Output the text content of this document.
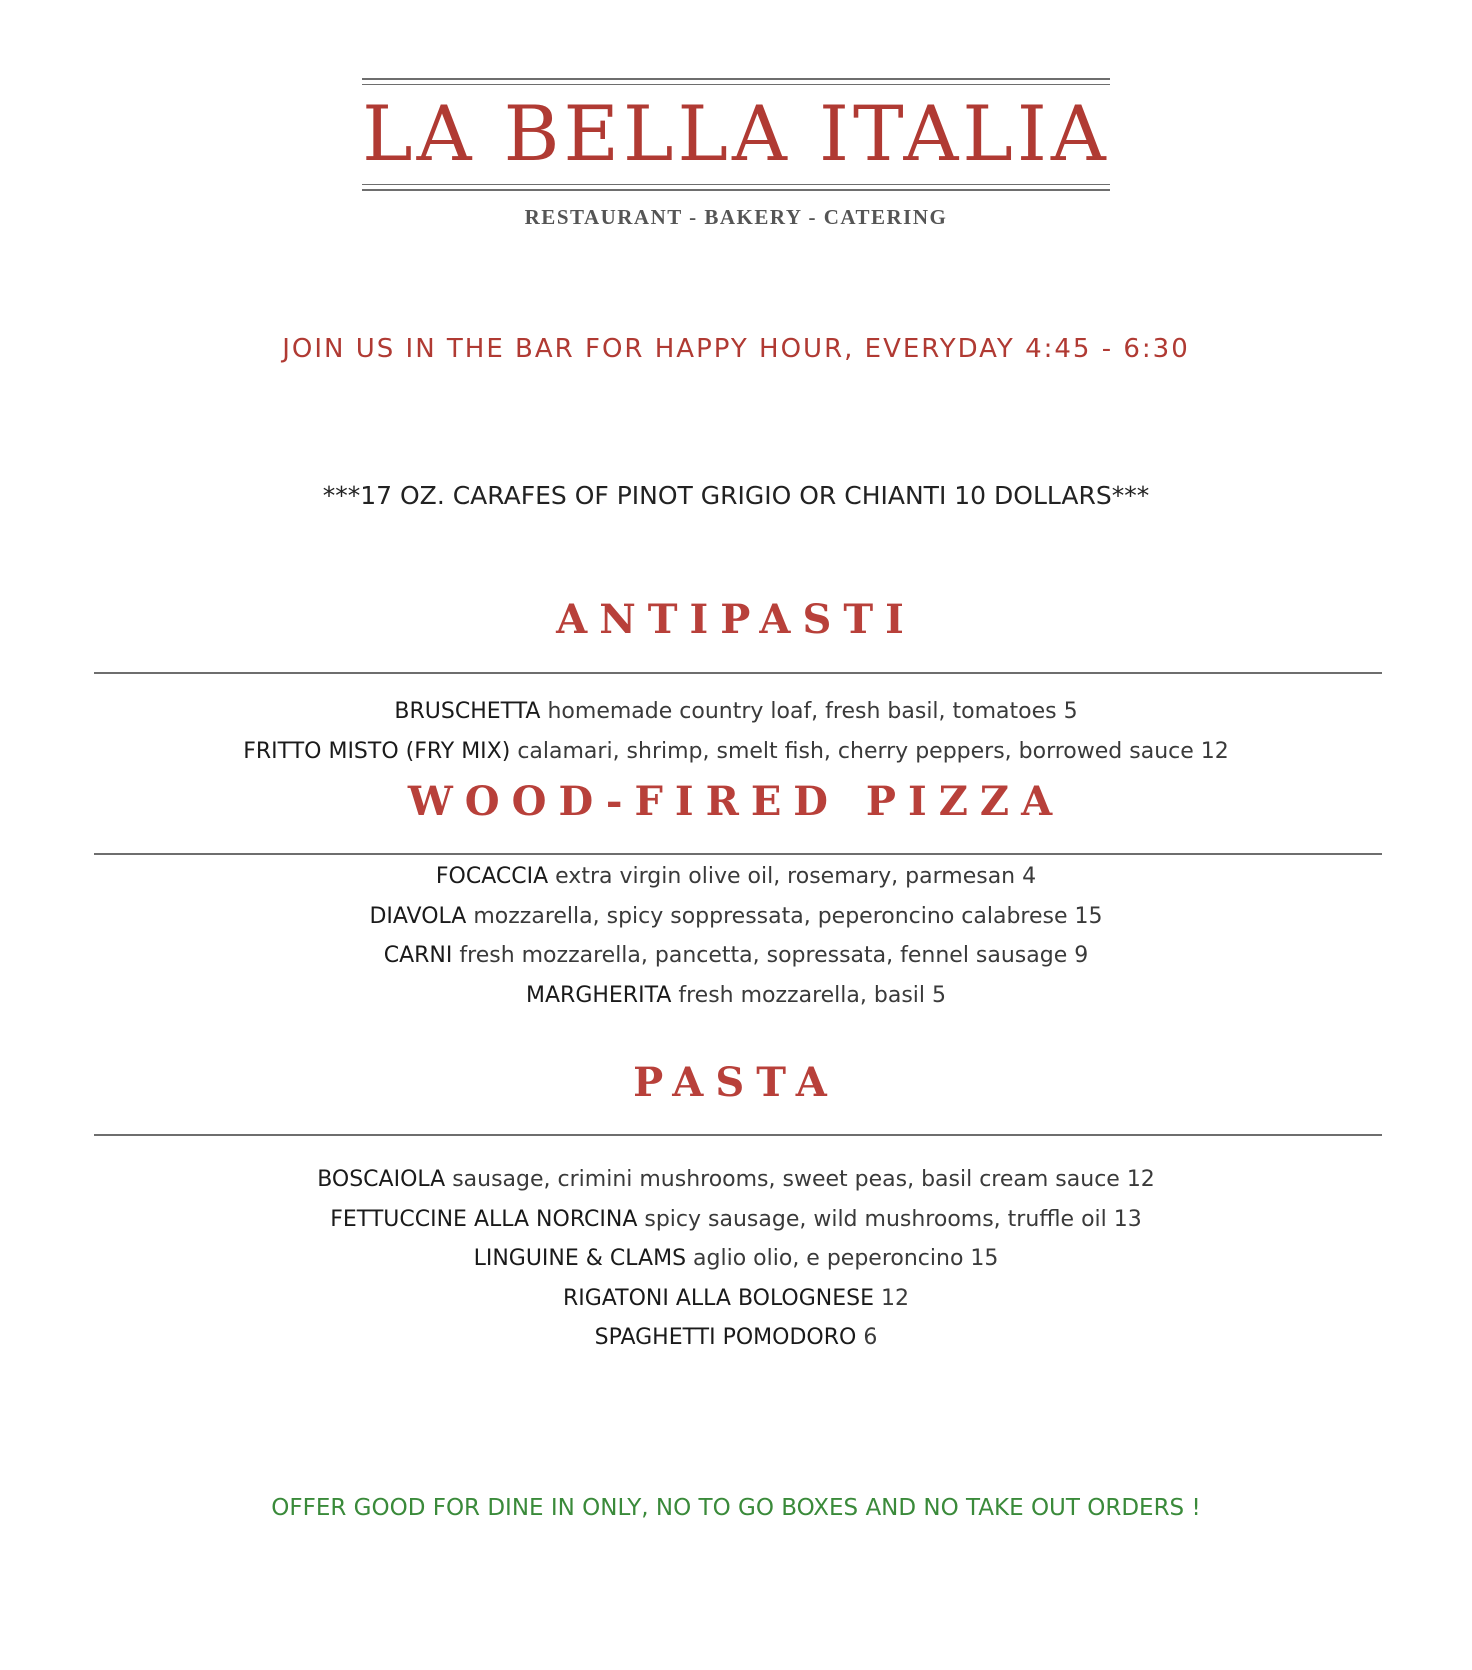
LA BELLA ITALIA
RESTAURANT - BAKERY - CATERING
JOIN US IN THE BAR FOR HAPPY HOUR, EVERYDAY 4:45 - 6:30
***17 OZ. CARAFES OF PINOT GRIGIO OR CHIANTI 10 DOLLARS***
ANTIPASTI
BRUSCHETTA homemade country loaf, fresh basil, tomatoes 5
FRITTO MISTO (FRY MIX) calamari, shrimp, smelt fish, cherry peppers, borrowed sauce 12
WOOD-FIRED PIZZA
FOCACCIA extra virgin olive oil, rosemary, parmesan 4
DIAVOLA mozzarella, spicy soppressata, peperoncino calabrese 15
CARNI fresh mozzarella, pancetta, sopressata, fennel sausage 9
MARGHERITA fresh mozzarella, basil 5
PASTA
BOSCAIOLA sausage, crimini mushrooms, sweet peas, basil cream sauce 12
FETTUCCINE ALLA NORCINA spicy sausage, wild mushrooms, truffle oil 13
LINGUINE & CLAMS aglio olio, e peperoncino 15
RIGATONI ALLA BOLOGNESE 12
SPAGHETTI POMODORO 6
OFFER GOOD FOR DINE IN ONLY, NO TO GO BOXES AND NO TAKE OUT ORDERS !
